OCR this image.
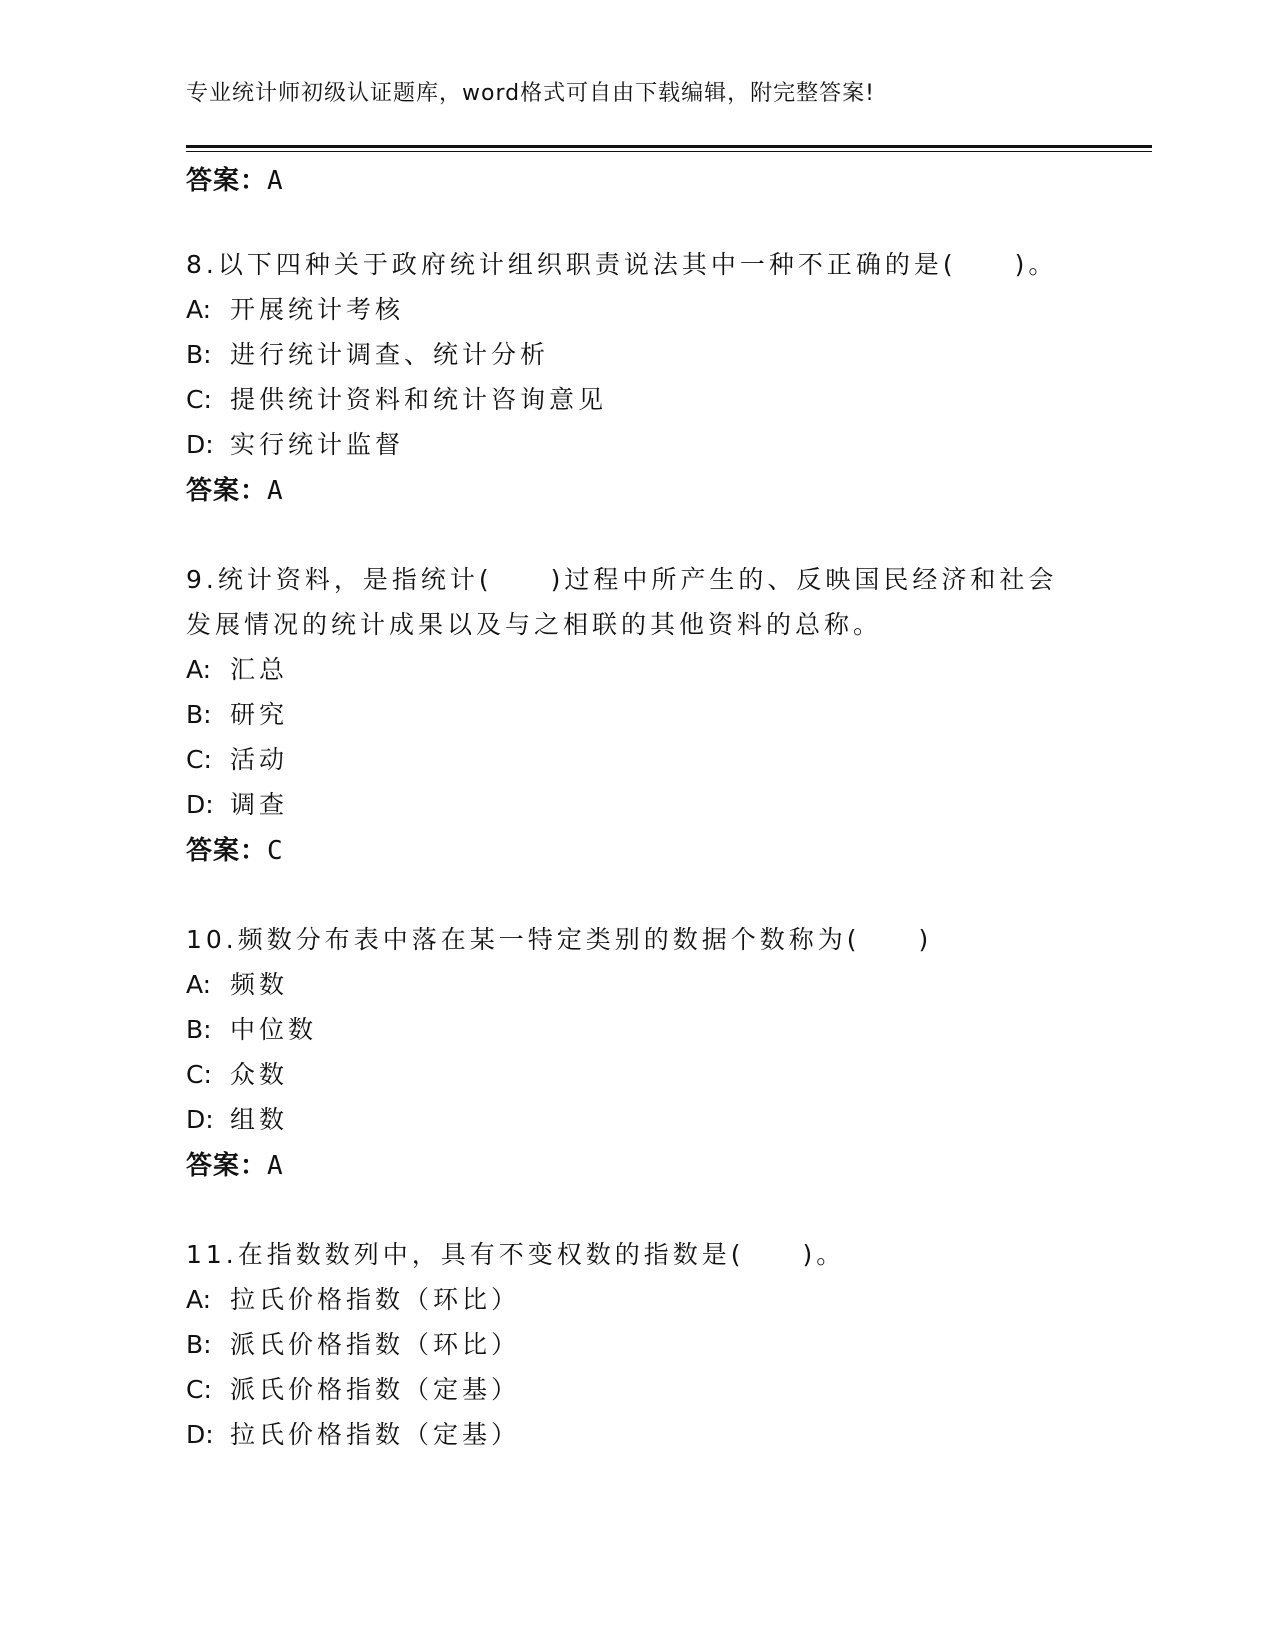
专业统计师初级认证题库，word格式可自由下载编辑，附完整答案!
答案：A
8.以下四种关于政府统计组织职责说法其中一种不正确的是(　　)。
A: 开展统计考核
B: 进行统计调查、统计分析
C: 提供统计资料和统计咨询意见
D: 实行统计监督
答案：A
9.统计资料，是指统计(　　)过程中所产生的、反映国民经济和社会
发展情况的统计成果以及与之相联的其他资料的总称。
A: 汇总
B: 研究
C: 活动
D: 调查
答案：C
10.频数分布表中落在某一特定类别的数据个数称为(　　)
A: 频数
B: 中位数
C: 众数
D: 组数
答案：A
11.在指数数列中，具有不变权数的指数是(　　)。
A: 拉氏价格指数（环比）
B: 派氏价格指数（环比）
C: 派氏价格指数（定基）
D: 拉氏价格指数（定基）
